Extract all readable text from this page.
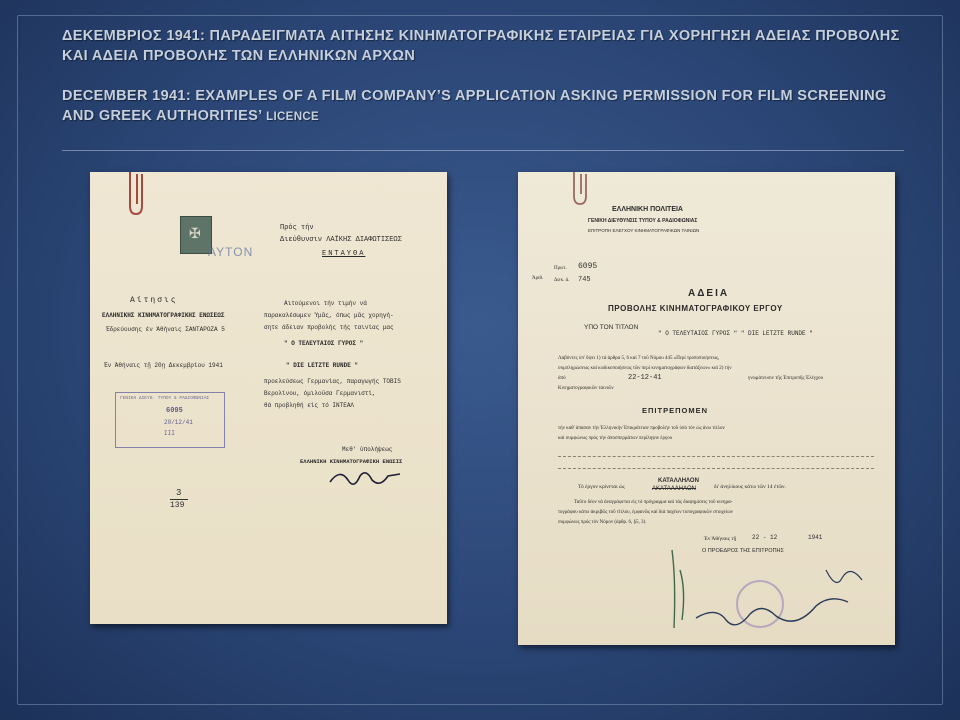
ΔΕΚΕΜΒΡΙΟΣ 1941: ΠΑΡΑΔΕΙΓΜΑΤΑ ΑΙΤΗΣΗΣ ΚΙΝΗΜΑΤΟΓΡΑΦΙΚΗΣ ΕΤΑΙΡΕΙΑΣ ΓΙΑ ΧΟΡΗΓΗΣΗ ΑΔΕΙΑΣ ΠΡΟΒΟΛΗΣ ΚΑΙ ΑΔΕΙΑ ΠΡΟΒΟΛΗΣ ΤΩΝ ΕΛΛΗΝΙΚΩΝ ΑΡΧΩΝ

DECEMBER 1941: EXAMPLES OF A FILM COMPANY’S APPLICATION ASKING PERMISSION FOR FILM SCREENING AND GREEK AUTHORITIES’ LICENCE

✠
ΑΥΤΟΝ
Πρός τήν
Διεύθυνσιν ΛΑΪΚΗΣ ΔΙΑΦΩΤΙΣΕΩΣ
ΕΝΤΑΥΘΑ
Αίτησις
ΕΛΛΗΝΙΚΗΣ ΚΙΝΗΜΑΤΟΓΡΑΦΙΚΗΣ ΕΝΩΣΕΩΣ
Έδρεύουσης έν Άθήναις ΣΑΝΤΑΡΟΖΑ 5
Έν Άθήναις τῇ 20ῃ Δεκεμβρίου 1941
Αιτούμενοι τήν τιμήν νά
παρακαλέσωμεν Ύμᾶς, όπως μᾶς χορηγή-
σητε άδειαν προβολής τής ταινίας μας
" Ο ΤΕΛΕΥΤΑΙΟΣ ΓΥΡΟΣ "
" DIE LETZTE RUNDE "
προελεύσεως Γερμανίας, παραγωγής TOBIS
Βερολίνου, όμιλοῦσα Γερμανιστί,
θά προβληθή είς τό ΙΝΤΕΑΛ
ΓΕΝΙΚΗ ΔΙΕΥΘ. ΤΥΠΟΥ & ΡΑΔΙΟΦΩΝΙΑΣ
6095
20/12/41
ΙΙΙ
Μεθ' ὑπολήψεως
ΕΛΛΗΝΙΚΗ ΚΙΝΗΜΑΤΟΓΡΑΦΙΚΗ ΕΝΩΣΙΣ
3
139
ΕΛΛΗΝΙΚΗ ΠΟΛΙΤΕΙΑ
ΓΕΝΙΚΗ ΔΙΕΥΘΥΝΣΙΣ ΤΥΠΟΥ & ΡΑΔΙΟΦΩΝΙΑΣ
ΕΠΙΤΡΟΠΗ ΕΛΕΓΧΟΥ ΚΙΝΗΜΑΤΟΓΡΑΦΙΚΩΝ ΤΑΙΝΙΩΝ
Άριθ.
Πρωτ. 6095
Διεκ. ά. 745
ΑΔΕΙΑ
ΠΡΟΒΟΛΗΣ ΚΙΝΗΜΑΤΟΓΡΑΦΙΚΟΥ ΕΡΓΟΥ
ΥΠΟ ΤΟΝ ΤΙΤΛΟΝ
" Ο ΤΕΛΕΥΤΑΙΟΣ ΓΥΡΟΣ " " DIE LETZTE RUNDE "
Λαβόντες ὑπ' ὄψει 1) τά άρθρα 5, 6 καί 7 τοῦ Νόμου 445 «Περί τροποποιήσεως,
συμπληρώσεως καί κωδικοποιήσεως τῶν περί κινηματογράφων διατάξεων» καί 2) τήν
άπό	22-12-41	γνωμάτευσιν τῆς Έπιτροπῆς Έλέγχου
Κινηματογραφικῶν ταινιῶν
ΕΠΙΤΡΕΠΟΜΕΝ
τήν καθ' άπασαν τήν Έλληνικήν Έπικράτειαν προβολήν τοῦ ὑπό τόν ὡς άνω τίτλον
καί συμφώνως πρός τήν άποσπερμάτων περίληψιν έργου
Τό έργον κρίνεται ὡς
ΚΑΤΑΛΛΗΛΟΝ
ΑΚΑΤΑΛΛΗΛΟΝ	δι' άνηλίκους κάτω τῶν 14 ἐτῶν.
Ταῦτο δέον νά άναγράφεται είς τό πρόγραμμα καί τάς διαφημίσεις τοῦ κινημα-
τογράφου κάτω άκριβῶς τοῦ τίτλου, έμφανῶς καί διά παχέων τυπογραφικῶν στοιχείων
συμφώνως πρός τόν Νόμον (άρθρ. 6, §5, 3).
Έν Άθήναις τῇ	22 - 12	1941
Ο ΠΡΟΕΔΡΟΣ ΤΗΣ ΕΠΙΤΡΟΠΗΣ
